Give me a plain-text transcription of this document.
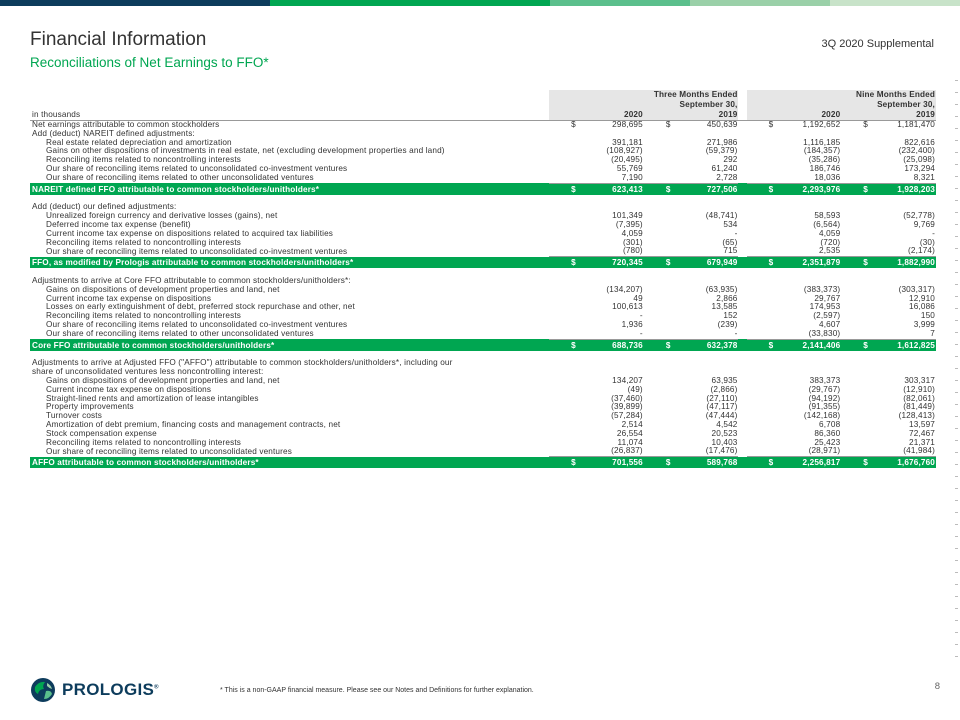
Financial Information
Reconciliations of Net Earnings to FFO*
3Q 2020 Supplemental
		Three Months Ended					Nine Months Ended		
		September 30,					September 30,		
in thousands		2020		2019			2020		2019
Net earnings attributable to common stockholders	$	298,695	$	450,639		$	1,192,652	$	1,181,470
Add (deduct) NAREIT defined adjustments:									
Real estate related depreciation and amortization		391,181		271,986			1,116,185		822,616
Gains on other dispositions of investments in real estate, net (excluding development properties and land)		(108,927)		(59,379)			(184,357)		(232,400)
Reconciling items related to noncontrolling interests		(20,495)		292			(35,286)		(25,098)
Our share of reconciling items related to unconsolidated co-investment ventures		55,769		61,240			186,746		173,294
Our share of reconciling items related to other unconsolidated ventures		7,190		2,728			18,036		8,321
NAREIT defined FFO attributable to common stockholders/unitholders*	$	623,413	$	727,506		$	2,293,976	$	1,928,203

Add (deduct) our defined adjustments:									
Unrealized foreign currency and derivative losses (gains), net		101,349		(48,741)			58,593		(52,778)
Deferred income tax expense (benefit)		(7,395)		534			(6,564)		9,769
Current income tax expense on dispositions related to acquired tax liabilities		4,059		-			4,059		-
Reconciling items related to noncontrolling interests		(301)		(65)			(720)		(30)
Our share of reconciling items related to unconsolidated co-investment ventures		(780)		715			2,535		(2,174)
FFO, as modified by Prologis attributable to common stockholders/unitholders*	$	720,345	$	679,949		$	2,351,879	$	1,882,990

Adjustments to arrive at Core FFO attributable to common stockholders/unitholders*:									
Gains on dispositions of development properties and land, net		(134,207)		(63,935)			(383,373)		(303,317)
Current income tax expense on dispositions		49		2,866			29,767		12,910
Losses on early extinguishment of debt, preferred stock repurchase and other, net		100,613		13,585			174,953		16,086
Reconciling items related to noncontrolling interests		-		152			(2,597)		150
Our share of reconciling items related to unconsolidated co-investment ventures		1,936		(239)			4,607		3,999
Our share of reconciling items related to other unconsolidated ventures		-		-			(33,830)		7
Core FFO attributable to common stockholders/unitholders*	$	688,736	$	632,378		$	2,141,406	$	1,612,825

Adjustments to arrive at Adjusted FFO ("AFFO") attributable to common stockholders/unitholders*, including our									
share of unconsolidated ventures less noncontrolling interest:									
Gains on dispositions of development properties and land, net		134,207		63,935			383,373		303,317
Current income tax expense on dispositions		(49)		(2,866)			(29,767)		(12,910)
Straight-lined rents and amortization of lease intangibles		(37,460)		(27,110)			(94,192)		(82,061)
Property improvements		(39,899)		(47,117)			(91,355)		(81,449)
Turnover costs		(57,284)		(47,444)			(142,168)		(128,413)
Amortization of debt premium, financing costs and management contracts, net		2,514		4,542			6,708		13,597
Stock compensation expense		26,554		20,523			86,360		72,467
Reconciling items related to noncontrolling interests		11,074		10,403			25,423		21,371
Our share of reconciling items related to unconsolidated ventures		(26,837)		(17,476)			(28,971)		(41,984)
AFFO attributable to common stockholders/unitholders*	$	701,556	$	589,768		$	2,256,817	$	1,676,760
PROLOGIS®	* This is a non-GAAP financial measure. Please see our Notes and Definitions for further explanation.	8
